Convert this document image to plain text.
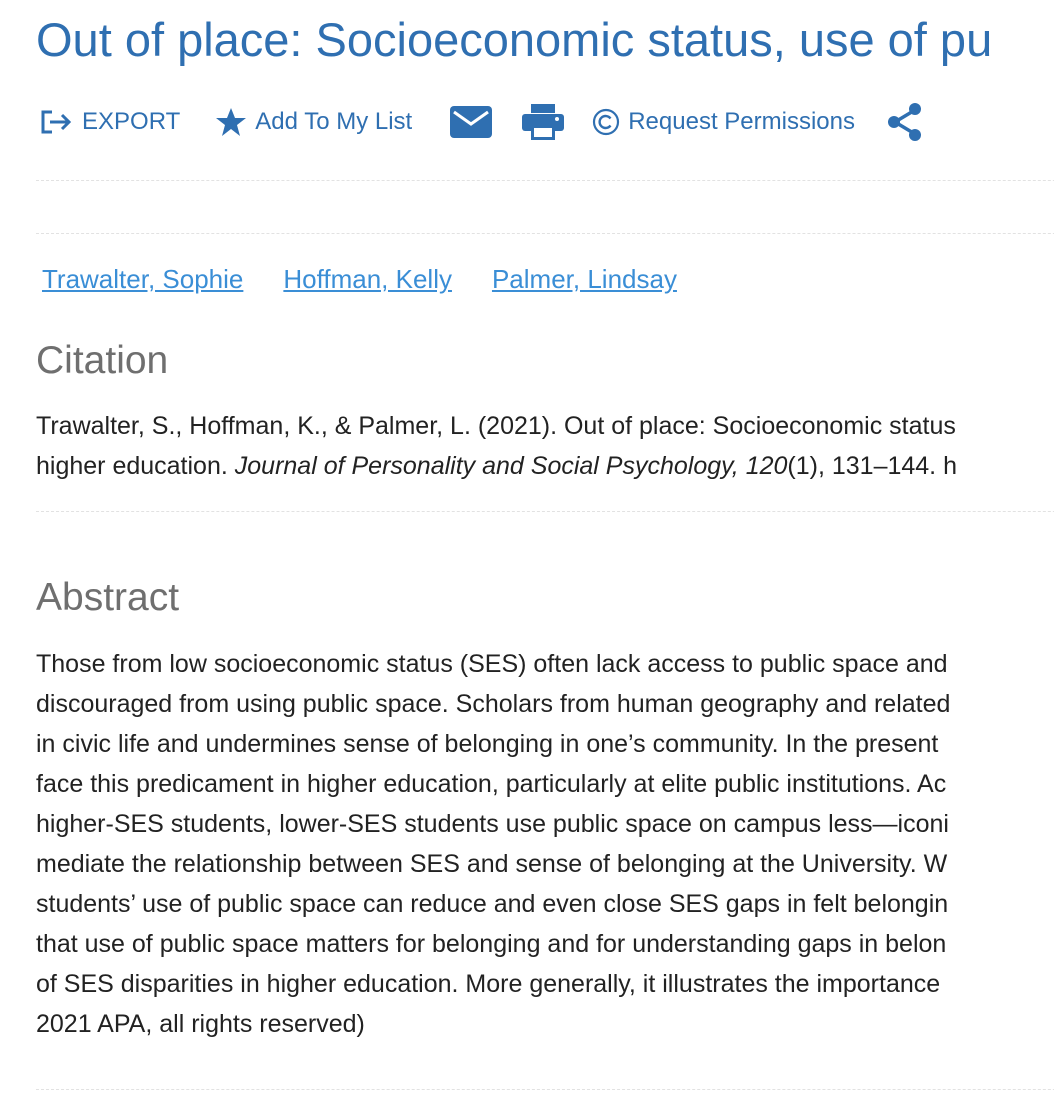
Out of place: Socioeconomic status, use of pu
EXPORT	Add To My List	Request Permissions
Trawalter, Sophie Hoffman, Kelly Palmer, Lindsay
Citation
Trawalter, S., Hoffman, K., & Palmer, L. (2021). Out of place: Socioeconomic status
higher education. Journal of Personality and Social Psychology, 120(1), 131–144. h
Abstract
Those from low socioeconomic status (SES) often lack access to public space and
discouraged from using public space. Scholars from human geography and related
in civic life and undermines sense of belonging in one’s community. In the present
face this predicament in higher education, particularly at elite public institutions. Ac
higher-SES students, lower-SES students use public space on campus less—iconi
mediate the relationship between SES and sense of belonging at the University. W
students’ use of public space can reduce and even close SES gaps in felt belongin
that use of public space matters for belonging and for understanding gaps in belon
of SES disparities in higher education. More generally, it illustrates the importance
2021 APA, all rights reserved)
